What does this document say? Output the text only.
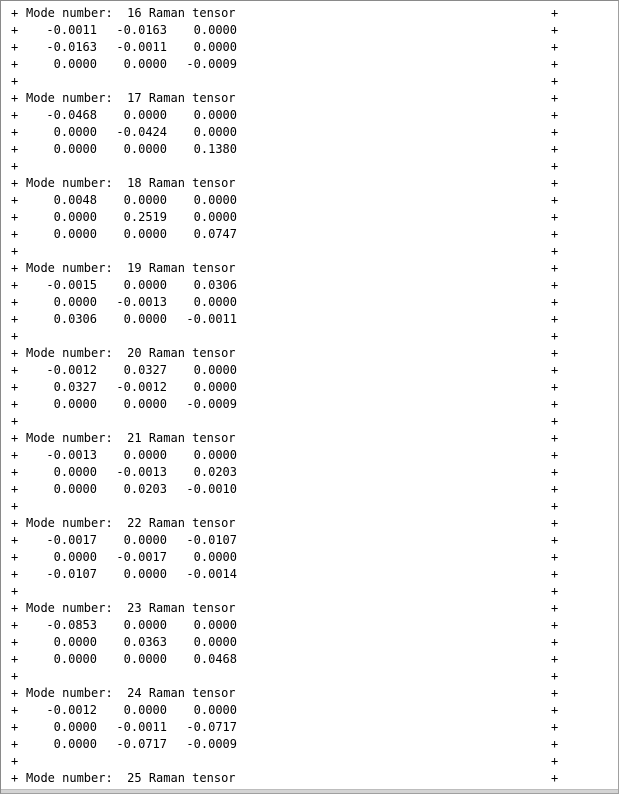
+ Mode number:  16 Raman tensor	+
+	-0.0011	-0.0163	0.0000	+
+	-0.0163	-0.0011	0.0000	+
+	0.0000	0.0000	-0.0009	+
+	+
+ Mode number:  17 Raman tensor	+
+	-0.0468	0.0000	0.0000	+
+	0.0000	-0.0424	0.0000	+
+	0.0000	0.0000	0.1380	+
+	+
+ Mode number:  18 Raman tensor	+
+	0.0048	0.0000	0.0000	+
+	0.0000	0.2519	0.0000	+
+	0.0000	0.0000	0.0747	+
+	+
+ Mode number:  19 Raman tensor	+
+	-0.0015	0.0000	0.0306	+
+	0.0000	-0.0013	0.0000	+
+	0.0306	0.0000	-0.0011	+
+	+
+ Mode number:  20 Raman tensor	+
+	-0.0012	0.0327	0.0000	+
+	0.0327	-0.0012	0.0000	+
+	0.0000	0.0000	-0.0009	+
+	+
+ Mode number:  21 Raman tensor	+
+	-0.0013	0.0000	0.0000	+
+	0.0000	-0.0013	0.0203	+
+	0.0000	0.0203	-0.0010	+
+	+
+ Mode number:  22 Raman tensor	+
+	-0.0017	0.0000	-0.0107	+
+	0.0000	-0.0017	0.0000	+
+	-0.0107	0.0000	-0.0014	+
+	+
+ Mode number:  23 Raman tensor	+
+	-0.0853	0.0000	0.0000	+
+	0.0000	0.0363	0.0000	+
+	0.0000	0.0000	0.0468	+
+	+
+ Mode number:  24 Raman tensor	+
+	-0.0012	0.0000	0.0000	+
+	0.0000	-0.0011	-0.0717	+
+	0.0000	-0.0717	-0.0009	+
+	+
+ Mode number:  25 Raman tensor	+
